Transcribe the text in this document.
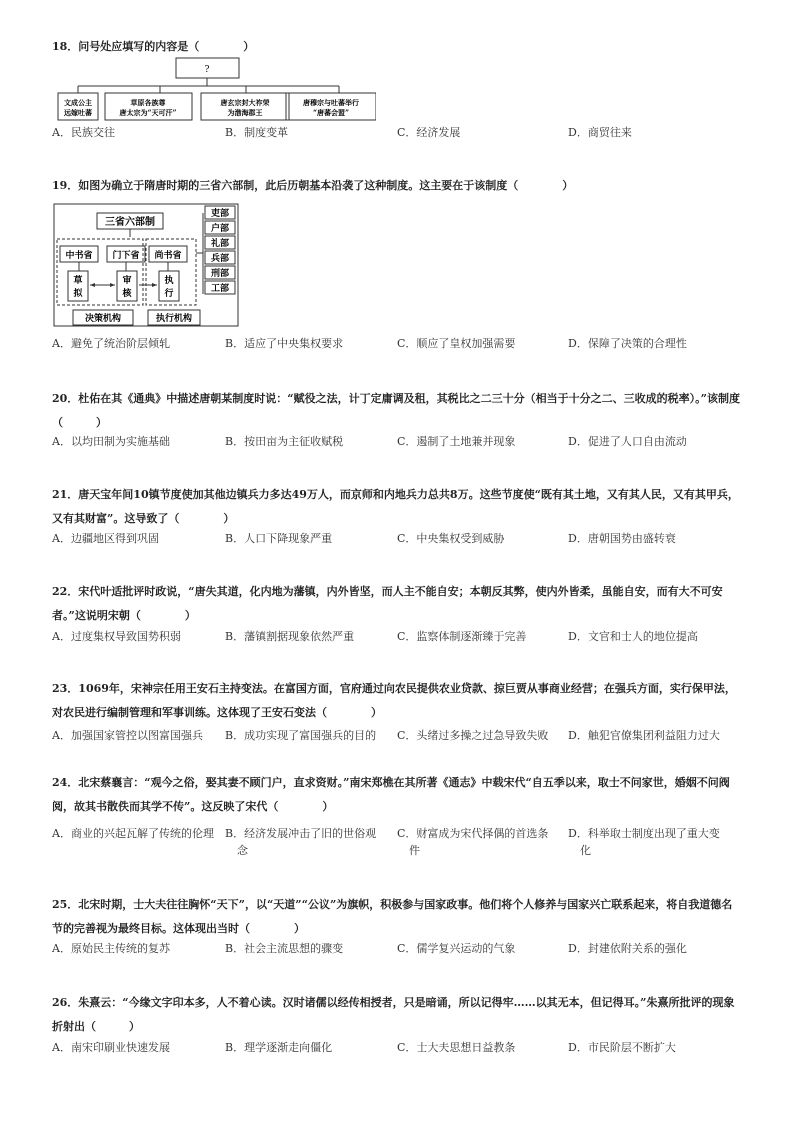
18．问号处应填写的内容是（　　　　）
?
文成公主
远嫁吐蕃
草原各族尊
唐太宗为“天可汗”
唐玄宗封大祚荣
为渤海郡王
唐穆宗与吐蕃举行
“唐蕃会盟”
A．民族交往	B．制度变革	C．经济发展	D．商贸往来
19．如图为确立于隋唐时期的三省六部制，此后历朝基本沿袭了这种制度。这主要在于该制度（　　　　）
三省六部制
中书省 门下省 尚书省
草
拟
审
核
执
行
决策机构	执行机构
吏部
户部
礼部
兵部
刑部
工部
A．避免了统治阶层倾轧	B．适应了中央集权要求	C．顺应了皇权加强需要	D．保障了决策的合理性
20．杜佑在其《通典》中描述唐朝某制度时说：“赋役之法，计丁定庸调及租，其税比之二三十分（相当于十分之二、三收成的税率）。”该制度（　　　）
A．以均田制为实施基础	B．按田亩为主征收赋税	C．遏制了土地兼并现象	D．促进了人口自由流动
21．唐天宝年间10镇节度使加其他边镇兵力多达49万人，而京师和内地兵力总共8万。这些节度使“既有其土地，又有其人民，又有其甲兵，又有其财富”。这导致了（　　　　）
A．边疆地区得到巩固	B．人口下降现象严重	C．中央集权受到威胁	D．唐朝国势由盛转衰
22．宋代叶适批评时政说，“唐失其道，化内地为藩镇，内外皆坚，而人主不能自安；本朝反其弊，使内外皆柔，虽能自安，而有大不可安者。”这说明宋朝（　　　　）
A．过度集权导致国势积弱	B．藩镇割据现象依然严重	C．监察体制逐渐臻于完善	D．文官和士人的地位提高
23．1069年，宋神宗任用王安石主持变法。在富国方面，官府通过向农民提供农业贷款、掠巨贾从事商业经营；在强兵方面，实行保甲法，对农民进行编制管理和军事训练。这体现了王安石变法（　　　　）
A．加强国家管控以图富国强兵	B．成功实现了富国强兵的目的	C．头绪过多操之过急导致失败	D．触犯官僚集团利益阻力过大
24．北宋蔡襄言：“观今之俗，娶其妻不顾门户，直求资财。”南宋郑樵在其所著《通志》中载宋代“自五季以来，取士不问家世，婚姻不问阀阅，故其书散佚而其学不传”。这反映了宋代（　　　　）
A．商业的兴起瓦解了传统的伦理 B．经济发展冲击了旧的世俗观念
C．财富成为宋代择偶的首选条件
D．科举取士制度出现了重大变化
25．北宋时期，士大夫往往胸怀“天下”，以“天道”“公议”为旗帜，积极参与国家政事。他们将个人修养与国家兴亡联系起来，将自我道德名节的完善视为最终目标。这体现出当时（　　　　）
A．原始民主传统的复苏	B．社会主流思想的骤变	C．儒学复兴运动的气象	D．封建依附关系的强化
26．朱熹云：“今缘文字印本多，人不着心读。汉时诸儒以经传相授者，只是暗诵，所以记得牢……以其无本，但记得耳。”朱熹所批评的现象折射出（　　　）
A．南宋印刷业快速发展	B．理学逐渐走向僵化	C．士大夫思想日益教条	D．市民阶层不断扩大
